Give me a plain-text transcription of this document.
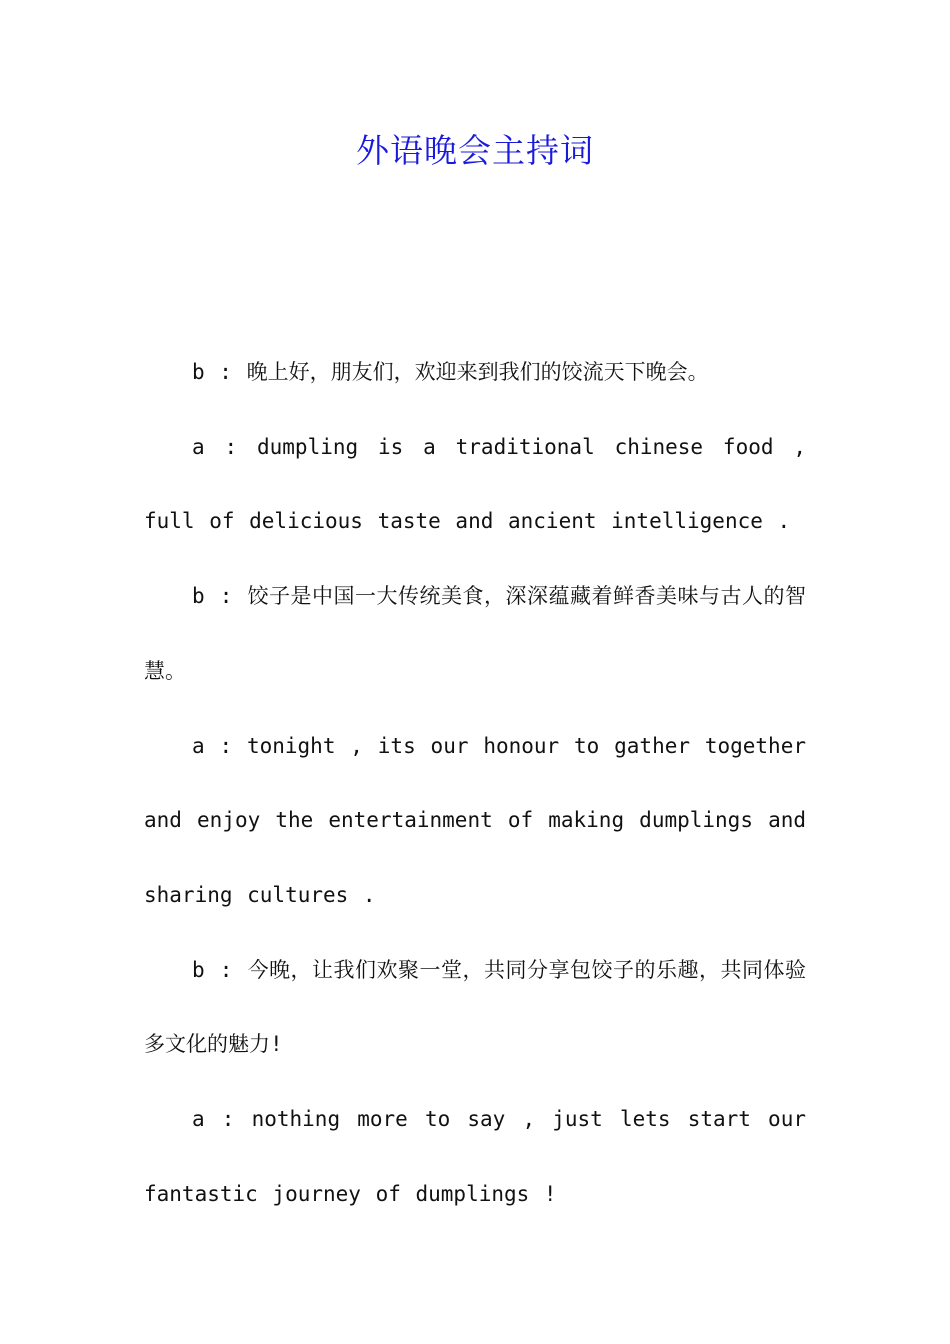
外语晚会主持词

b : 晚上好，朋友们，欢迎来到我们的饺流天下晚会。

a : dumpling is a traditional chinese food , full of delicious taste and ancient intelligence .

b : 饺子是中国一大传统美食，深深蕴藏着鲜香美味与古人的智慧。

a : tonight , its our honour to gather together and enjoy the entertainment of making dumplings and sharing cultures .

b : 今晚，让我们欢聚一堂，共同分享包饺子的乐趣，共同体验多文化的魅力!

a : nothing more to say , just lets start our fantastic journey of dumplings !
